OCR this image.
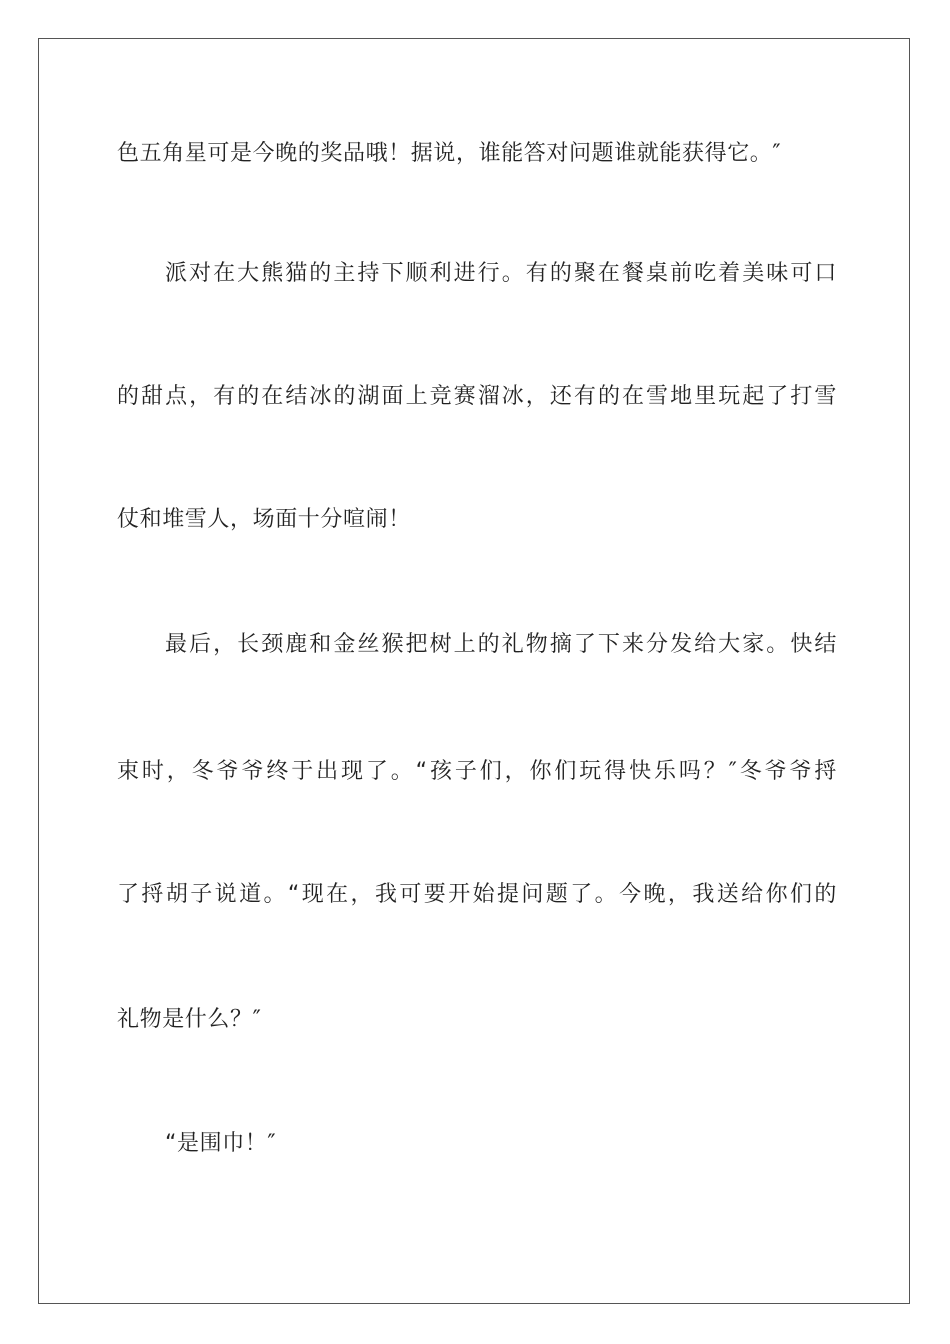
色五角星可是今晚的奖品哦！据说，谁能答对问题谁就能获得它。″
派对在大熊猫的主持下顺利进行。有的聚在餐桌前吃着美味可口
的甜点，有的在结冰的湖面上竞赛溜冰，还有的在雪地里玩起了打雪
仗和堆雪人，场面十分喧闹！
最后，长颈鹿和金丝猴把树上的礼物摘了下来分发给大家。快结
束时，冬爷爷终于出现了。“孩子们，你们玩得快乐吗？″冬爷爷捋
了捋胡子说道。“现在，我可要开始提问题了。今晚，我送给你们的
礼物是什么？″
“是围巾！″
